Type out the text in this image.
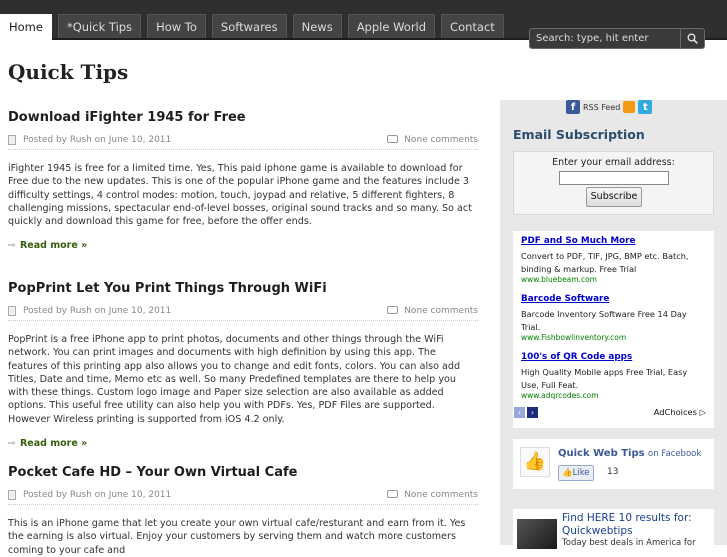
Home	*Quick Tips	How To	Softwares	News	Apple World	Contact
Search: type, hit enter
Quick Tips
Download iFighter 1945 for Free
Posted by Rush on June 10, 2011	None comments

iFighter 1945 is free for a limited time. Yes, This paid iphone game is available to download for Free due to the new updates. This is one of the popular iPhone game and the features include 3 difficulty settings, 4 control modes: motion, touch, joypad and relative, 5 different fighters, 8 challenging missions, spectacular end-of-level bosses, original sound tracks and so many. So act quickly and download this game for free, before the offer ends.

⇨ Read more »
PopPrint Let You Print Things Through WiFi
Posted by Rush on June 10, 2011	None comments

PopPrint is a free iPhone app to print photos, documents and other things through the WiFi network. You can print images and documents with high definition by using this app. The features of this printing app also allows you to change and edit fonts, colors. You can also add Titles, Date and time, Memo etc as well. So many Predefined templates are there to help you with these things. Custom logo image and Paper size selection are also available as added options. This useful free utility can also help you with PDFs. Yes, PDF Files are supported. However Wireless printing is supported from iOS 4.2 only.

⇨ Read more »
Pocket Cafe HD – Your Own Virtual Cafe
Posted by Rush on June 10, 2011	None comments

This is an iPhone game that let you create your own virtual cafe/resturant and earn from it. Yes the earning is also virtual. Enjoy your customers by serving them and watch more customers coming to your cafe and

f RSS Feed	t
Email Subscription
Enter your email address:
Subscribe
PDF and So Much More
Convert to PDF, TIF, JPG, BMP etc. Batch, binding & markup. Free Trial
www.bluebeam.com
Barcode Software
Barcode Inventory Software Free 14 Day Trial.
www.Fishbowlinventory.com
100's of QR Code apps
High Quality Mobile apps Free Trial, Easy Use, Full Feat.
www.adqrcodes.com
‹	›	AdChoices ▷
👍	Quick Web Tips on Facebook
👍Like	13
Find HERE 10 results for: Quickwebtips
Today best deals in America for
